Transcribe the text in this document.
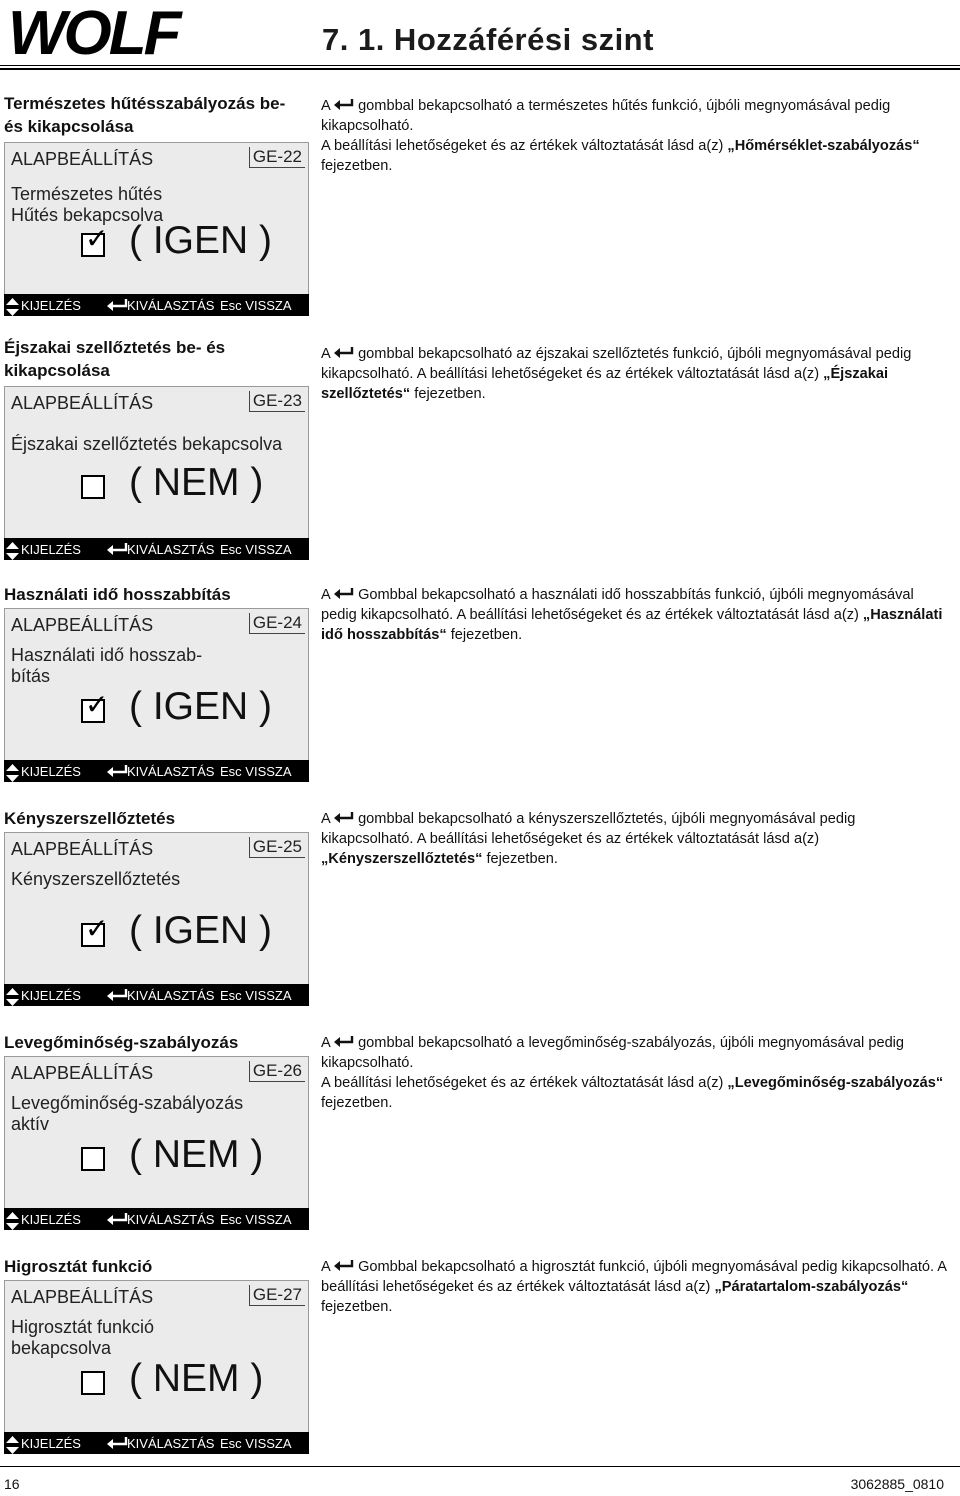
WOLF	7. 1. Hozzáférési szint
Természetes hűtésszabályozás be- és kikapcsolása
ALAPBEÁLLÍTÁS	GE-22
Természetes hűtés
Hűtés bekapcsolva
✓ ( IGEN )
KIJELZÉS	KIVÁLASZTÁS Esc VISSZA
A gombbal bekapcsolható a természetes hűtés funkció, újbóli megnyomásával pedig kikapcsolható.
A beállítási lehetőségeket és az értékek változtatását lásd a(z) „Hőmérséklet-szabályozás“ fejezetben.
Éjszakai szellőztetés be- és kikapcsolása
ALAPBEÁLLÍTÁS	GE-23
Éjszakai szellőztetés bekapcsolva
( NEM )
KIJELZÉS	KIVÁLASZTÁS Esc VISSZA
A gombbal bekapcsolható az éjszakai szellőztetés funkció, újbóli megnyomásával pedig kikapcsolható. A beállítási lehetőségeket és az értékek változtatását lásd a(z) „Éjszakai szellőztetés“ fejezetben.
Használati idő hosszabbítás
ALAPBEÁLLÍTÁS	GE-24
Használati idő hosszab-
bítás
✓ ( IGEN )
KIJELZÉS	KIVÁLASZTÁS Esc VISSZA
A Gombbal bekapcsolható a használati idő hosszabbítás funkció, újbóli megnyomásával pedig kikapcsolható. A beállítási lehetőségeket és az értékek változtatását lásd a(z) „Használati idő hosszabbítás“ fejezetben.
Kényszerszellőztetés
ALAPBEÁLLÍTÁS	GE-25
Kényszerszellőztetés
✓ ( IGEN )
KIJELZÉS	KIVÁLASZTÁS Esc VISSZA
A gombbal bekapcsolható a kényszerszellőztetés, újbóli megnyomásával pedig kikapcsolható. A beállítási lehetőségeket és az értékek változtatását lásd a(z) „Kényszerszellőztetés“ fejezetben.
Levegőminőség-szabályozás
ALAPBEÁLLÍTÁS	GE-26
Levegőminőség-szabályozás
aktív
( NEM )
KIJELZÉS	KIVÁLASZTÁS Esc VISSZA
A gombbal bekapcsolható a levegőminőség-szabályozás, újbóli megnyomásával pedig kikapcsolható.
A beállítási lehetőségeket és az értékek változtatását lásd a(z) „Levegőminőség-szabályozás“ fejezetben.
Higrosztát funkció
ALAPBEÁLLÍTÁS	GE-27
Higrosztát funkció
bekapcsolva
( NEM )
KIJELZÉS	KIVÁLASZTÁS Esc VISSZA
A Gombbal bekapcsolható a higrosztát funkció, újbóli megnyomásával pedig kikapcsolható. A beállítási lehetőségeket és az értékek változtatását lásd a(z) „Páratartalom-szabályozás“ fejezetben.
16	3062885_0810
